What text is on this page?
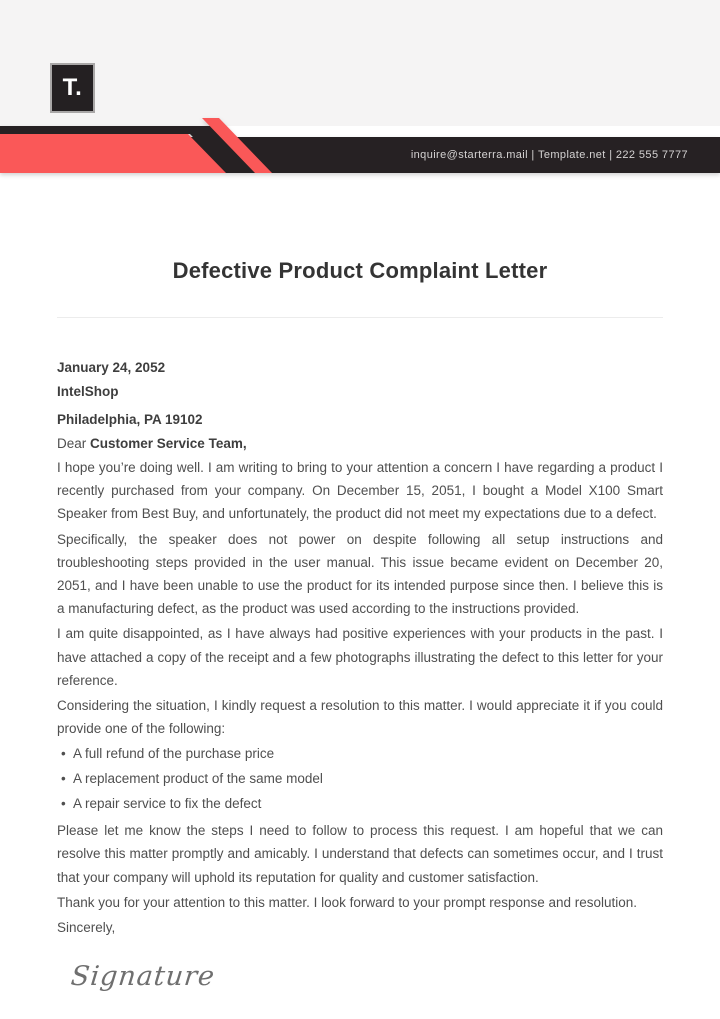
T.
inquire@starterra.mail | Template.net | 222 555 7777
Defective Product Complaint Letter
January 24, 2052
IntelShop
Philadelphia, PA 19102
Dear Customer Service Team,

I hope you’re doing well. I am writing to bring to your attention a concern I have regarding a product I recently purchased from your company. On December 15, 2051, I bought a Model X100 Smart Speaker from Best Buy, and unfortunately, the product did not meet my expectations due to a defect.

Specifically, the speaker does not power on despite following all setup instructions and troubleshooting steps provided in the user manual. This issue became evident on December 20, 2051, and I have been unable to use the product for its intended purpose since then. I believe this is a manufacturing defect, as the product was used according to the instructions provided.

I am quite disappointed, as I have always had positive experiences with your products in the past. I have attached a copy of the receipt and a few photographs illustrating the defect to this letter for your reference.

Considering the situation, I kindly request a resolution to this matter. I would appreciate it if you could provide one of the following:

• A full refund of the purchase price
• A replacement product of the same model
• A repair service to fix the defect

Please let me know the steps I need to follow to process this request. I am hopeful that we can resolve this matter promptly and amicably. I understand that defects can sometimes occur, and I trust that your company will uphold its reputation for quality and customer satisfaction.

Thank you for your attention to this matter. I look forward to your prompt response and resolution.

Sincerely,

Signature
